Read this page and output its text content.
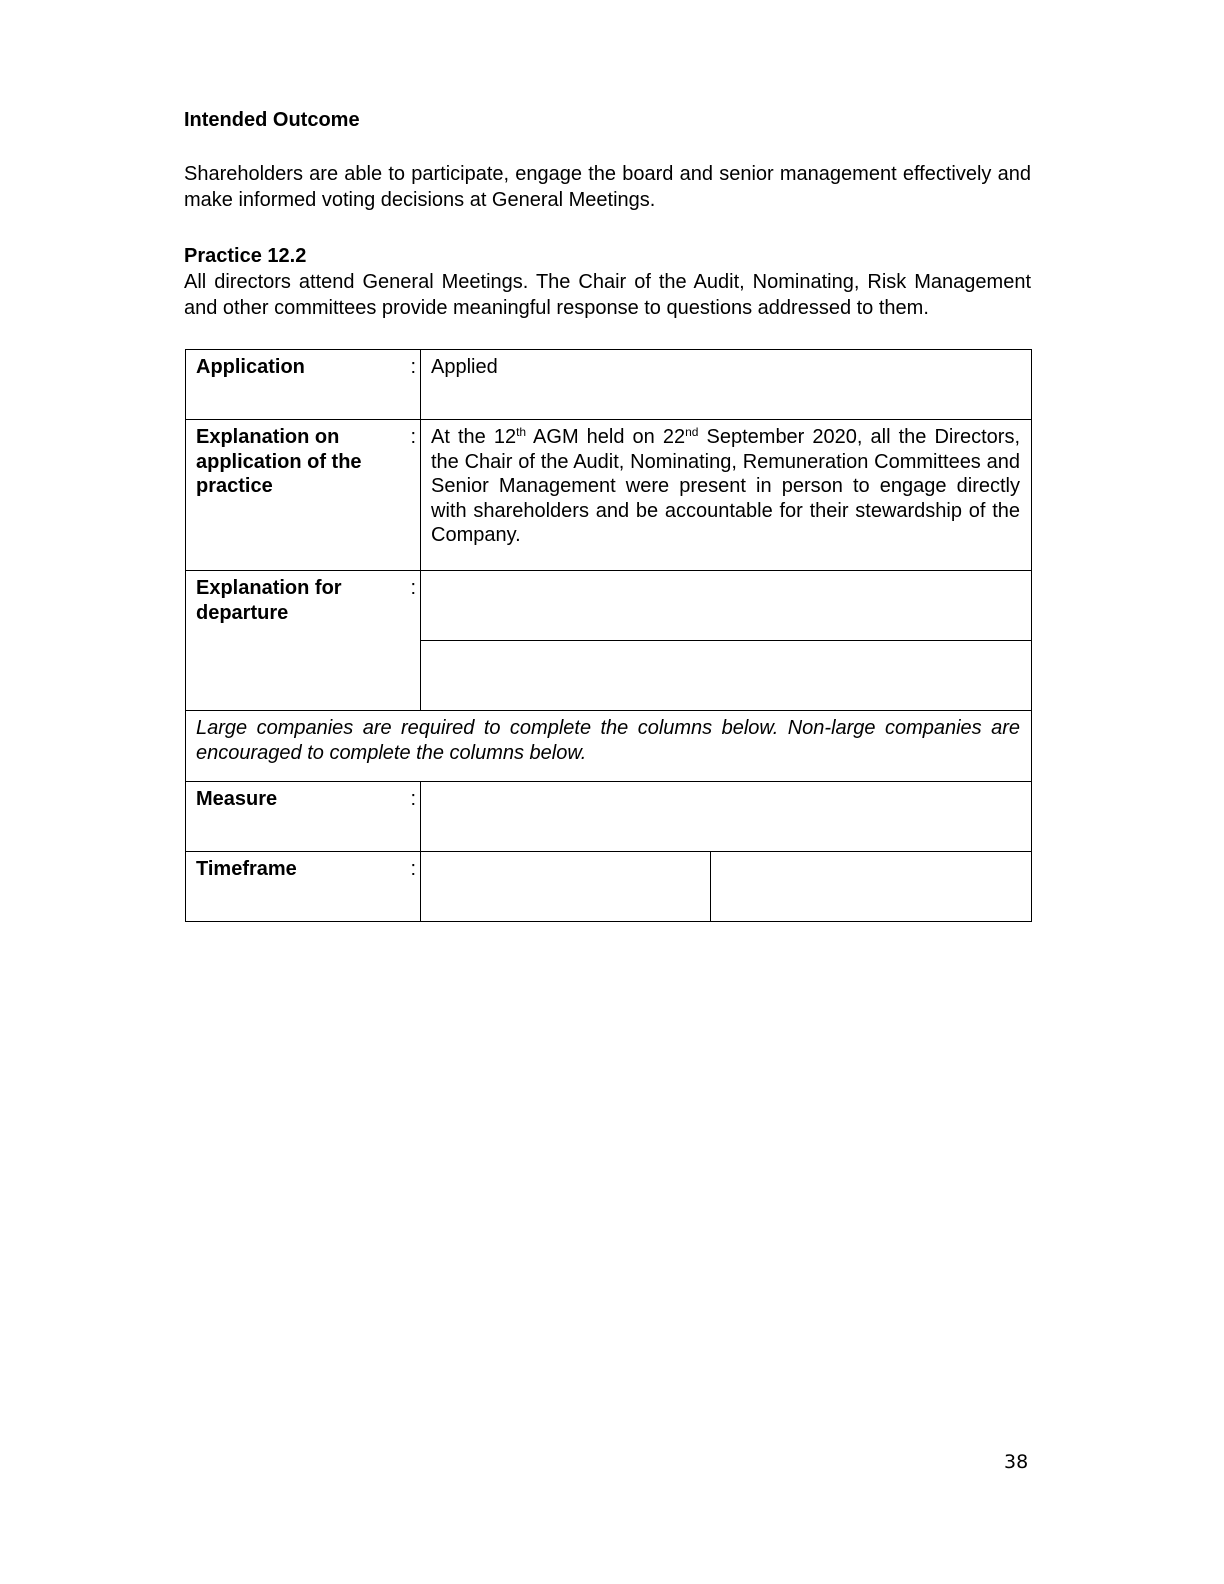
Intended Outcome
Shareholders are able to participate, engage the board and senior management effectively and make informed voting decisions at General Meetings.
Practice 12.2
All directors attend General Meetings. The Chair of the Audit, Nominating, Risk Management and other committees provide meaningful response to questions addressed to them.
Application :	Applied	
Explanation on application of the practice
:	At the 12th AGM held on 22nd September 2020, all the Directors, the Chair of the Audit, Nominating, Remuneration Committees and Senior Management were present in person to engage directly with shareholders and be accountable for their stewardship of the Company.	
Explanation for departure
:		

Large companies are required to complete the columns below. Non-large companies are encouraged to complete the columns below.		
Measure :		

Timeframe :		

38
